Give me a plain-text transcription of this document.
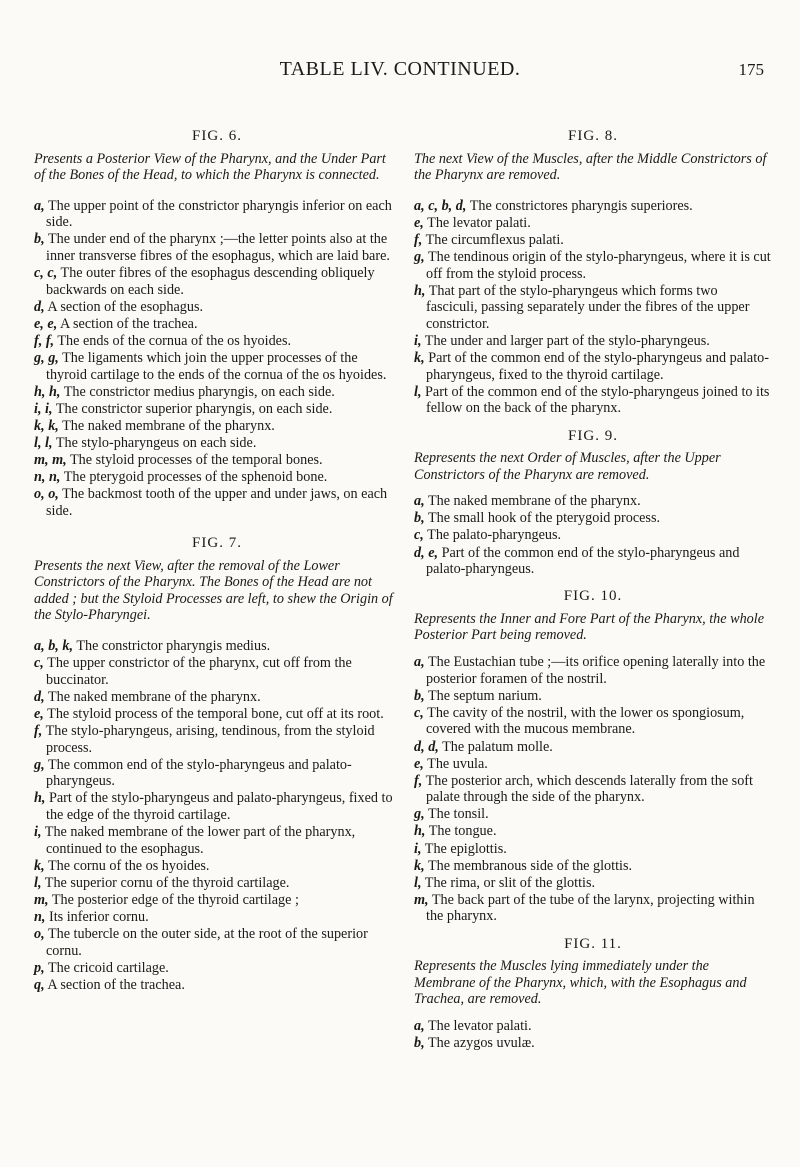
TABLE LIV. CONTINUED.	175
FIG. 6.

Presents a Posterior View of the Pharynx, and the Under Part of the Bones of the Head, to which the Pharynx is connected.

a, The upper point of the constrictor pharyngis inferior on each side.
b, The under end of the pharynx ;—the letter points also at the inner transverse fibres of the esophagus, which are laid bare.
c, c, The outer fibres of the esophagus descending obliquely backwards on each side.
d, A section of the esophagus.
e, e, A section of the trachea.
f, f, The ends of the cornua of the os hyoides.
g, g, The ligaments which join the upper processes of the thyroid cartilage to the ends of the cornua of the os hyoides.
h, h, The constrictor medius pharyngis, on each side.
i, i, The constrictor superior pharyngis, on each side.
k, k, The naked membrane of the pharynx.
l, l, The stylo-pharyngeus on each side.
m, m, The styloid processes of the temporal bones.
n, n, The pterygoid processes of the sphenoid bone.
o, o, The backmost tooth of the upper and under jaws, on each side.
FIG. 7.

Presents the next View, after the removal of the Lower Constrictors of the Pharynx. The Bones of the Head are not added ; but the Styloid Processes are left, to shew the Origin of the Stylo-Pharyngei.

a, b, k, The constrictor pharyngis medius.
c, The upper constrictor of the pharynx, cut off from the buccinator.
d, The naked membrane of the pharynx.
e, The styloid process of the temporal bone, cut off at its root.
f, The stylo-pharyngeus, arising, tendinous, from the styloid process.
g, The common end of the stylo-pharyngeus and palato-pharyngeus.
h, Part of the stylo-pharyngeus and palato-pharyngeus, fixed to the edge of the thyroid cartilage.
i, The naked membrane of the lower part of the pharynx, continued to the esophagus.
k, The cornu of the os hyoides.
l, The superior cornu of the thyroid cartilage.
m, The posterior edge of the thyroid cartilage ;
n, Its inferior cornu.
o, The tubercle on the outer side, at the root of the superior cornu.
p, The cricoid cartilage.
q, A section of the trachea.
FIG. 8.

The next View of the Muscles, after the Middle Constrictors of the Pharynx are removed.

a, c, b, d, The constrictores pharyngis superiores.
e, The levator palati.
f, The circumflexus palati.
g, The tendinous origin of the stylo-pharyngeus, where it is cut off from the styloid process.
h, That part of the stylo-pharyngeus which forms two fasciculi, passing separately under the fibres of the upper constrictor.
i, The under and larger part of the stylo-pharyngeus.
k, Part of the common end of the stylo-pharyngeus and palato-pharyngeus, fixed to the thyroid cartilage.
l, Part of the common end of the stylo-pharyngeus joined to its fellow on the back of the pharynx.
FIG. 9.

Represents the next Order of Muscles, after the Upper Constrictors of the Pharynx are removed.

a, The naked membrane of the pharynx.
b, The small hook of the pterygoid process.
c, The palato-pharyngeus.
d, e, Part of the common end of the stylo-pharyngeus and palato-pharyngeus.
FIG. 10.

Represents the Inner and Fore Part of the Pharynx, the whole Posterior Part being removed.

a, The Eustachian tube ;—its orifice opening laterally into the posterior foramen of the nostril.
b, The septum narium.
c, The cavity of the nostril, with the lower os spongiosum, covered with the mucous membrane.
d, d, The palatum molle.
e, The uvula.
f, The posterior arch, which descends laterally from the soft palate through the side of the pharynx.
g, The tonsil.
h, The tongue.
i, The epiglottis.
k, The membranous side of the glottis.
l, The rima, or slit of the glottis.
m, The back part of the tube of the larynx, projecting within the pharynx.
FIG. 11.

Represents the Muscles lying immediately under the Membrane of the Pharynx, which, with the Esophagus and Trachea, are removed.

a, The levator palati.
b, The azygos uvulæ.
